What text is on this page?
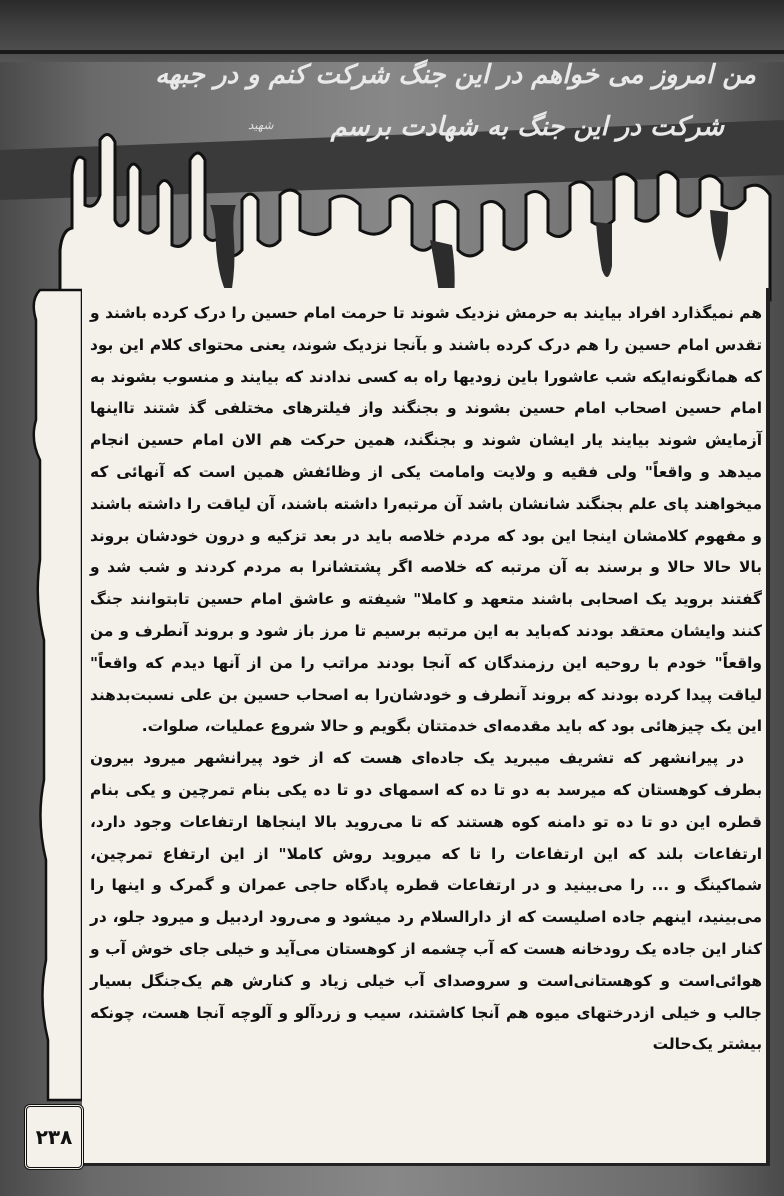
من امروز می خواهم در این جنگ شرکت کنم و در جبهه
شرکت در این جنگ به شهادت برسم
شهید

هم نمیگذارد افراد بیایند به حرمش نزدیک شوند تا حرمت امام حسین را درک کرده باشند و تقدس امام حسین را هم درک کرده باشند و بآنجا نزدیک شوند، یعنی محتوای کلام این بود که همانگونه‌ایکه شب عاشورا باین زودیها راه به کسی ندادند که بیایند و منسوب بشوند به امام حسین اصحاب امام حسین بشوند و بجنگند واز فیلترهای مختلفی گذ شتند تااینها آزمایش شوند بیایند یار ایشان شوند و بجنگند، همین حرکت هم الان امام حسین انجام میدهد و واقعاً" ولی فقیه و ولایت وامامت یکی از وظائفش همین است که آنهائی که میخواهند پای علم بجنگند شانشان باشد آن مرتبه‌را داشته باشند، آن لیاقت را داشته باشند و مفهوم کلامشان اینجا این بود که مردم خلاصه باید در بعد تزکیه و درون خودشان بروند بالا حالا حالا و برسند به آن مرتبه که خلاصه اگر پشتشانرا به مردم کردند و شب شد و گفتند بروید یک اصحابی باشند متعهد و کاملا" شیفته و عاشق امام حسین تابتوانند جنگ کنند وایشان معتقد بودند که‌باید به این مرتبه برسیم تا مرز باز شود و بروند آنطرف و من واقعاً" خودم با روحیه این رزمندگان که آنجا بودند مراتب را من از آنها دیدم که واقعاً" لیاقت پیدا کرده بودند که بروند آنطرف و خودشان‌را به اصحاب حسین بن علی نسبت‌بدهند این یک چیزهائی بود که باید مقدمه‌ای خدمتتان بگویم و حالا شروع عملیات، صلوات.

در پیرانشهر که تشریف میبرید یک جاده‌ای هست که از خود پیرانشهر میرود بیرون بطرف کوهستان که میرسد به دو تا ده که اسمهای دو تا ده یکی بنام تمرچین و یکی بنام قطره این دو تا ده تو دامنه کوه هستند که تا می‌روید بالا اینجاها ارتفاعات وجود دارد، ارتفاعات بلند که این ارتفاعات را تا که میروید روش کاملا" از این ارتفاع تمرچین، شماکینگ و ... را می‌بینید و در ارتفاعات قطره پادگاه حاجی عمران و گمرک و اینها را می‌بینید، اینهم جاده اصلیست که از دارالسلام رد میشود و می‌رود اردبیل و میرود جلو، در کنار این جاده یک رودخانه هست که آب چشمه از کوهستان می‌آید و خیلی جای خوش آب و هوائی‌است و کوهستانی‌است و سروصدای آب خیلی زیاد و کنارش هم یک‌جنگل بسیار جالب و خیلی ازدرختهای میوه هم آنجا کاشتند، سیب و زردآلو و آلوچه آنجا هست، چونکه بیشتر یک‌حالت

۲۳۸
